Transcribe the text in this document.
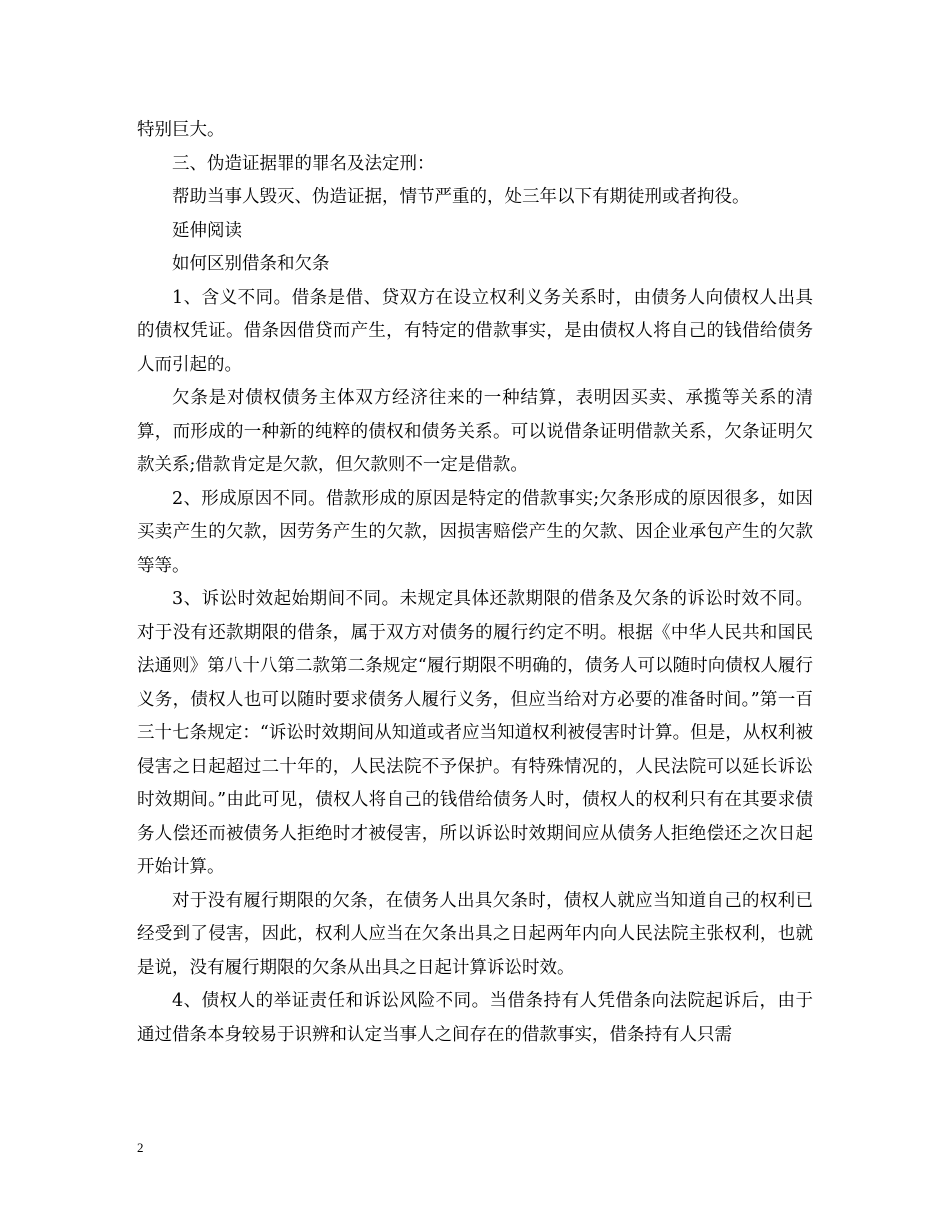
特别巨大。

三、伪造证据罪的罪名及法定刑：

帮助当事人毁灭、伪造证据，情节严重的，处三年以下有期徒刑或者拘役。

延伸阅读

如何区别借条和欠条

1、含义不同。借条是借、贷双方在设立权利义务关系时，由债务人向债权人出具的债权凭证。借条因借贷而产生，有特定的借款事实，是由债权人将自己的钱借给债务人而引起的。

欠条是对债权债务主体双方经济往来的一种结算，表明因买卖、承揽等关系的清算，而形成的一种新的纯粹的债权和债务关系。可以说借条证明借款关系，欠条证明欠款关系;借款肯定是欠款，但欠款则不一定是借款。

2、形成原因不同。借款形成的原因是特定的借款事实;欠条形成的原因很多，如因买卖产生的欠款，因劳务产生的欠款，因损害赔偿产生的欠款、因企业承包产生的欠款等等。

3、诉讼时效起始期间不同。未规定具体还款期限的借条及欠条的诉讼时效不同。对于没有还款期限的借条，属于双方对债务的履行约定不明。根据《中华人民共和国民法通则》第八十八第二款第二条规定“履行期限不明确的，债务人可以随时向债权人履行义务，债权人也可以随时要求债务人履行义务，但应当给对方必要的准备时间。”第一百三十七条规定：“诉讼时效期间从知道或者应当知道权利被侵害时计算。但是，从权利被侵害之日起超过二十年的，人民法院不予保护。有特殊情况的，人民法院可以延长诉讼时效期间。”由此可见，债权人将自己的钱借给债务人时，债权人的权利只有在其要求债务人偿还而被债务人拒绝时才被侵害，所以诉讼时效期间应从债务人拒绝偿还之次日起开始计算。

对于没有履行期限的欠条，在债务人出具欠条时，债权人就应当知道自己的权利已经受到了侵害，因此，权利人应当在欠条出具之日起两年内向人民法院主张权利，也就是说，没有履行期限的欠条从出具之日起计算诉讼时效。

4、债权人的举证责任和诉讼风险不同。当借条持有人凭借条向法院起诉后，由于通过借条本身较易于识辨和认定当事人之间存在的借款事实，借条持有人只需

2
